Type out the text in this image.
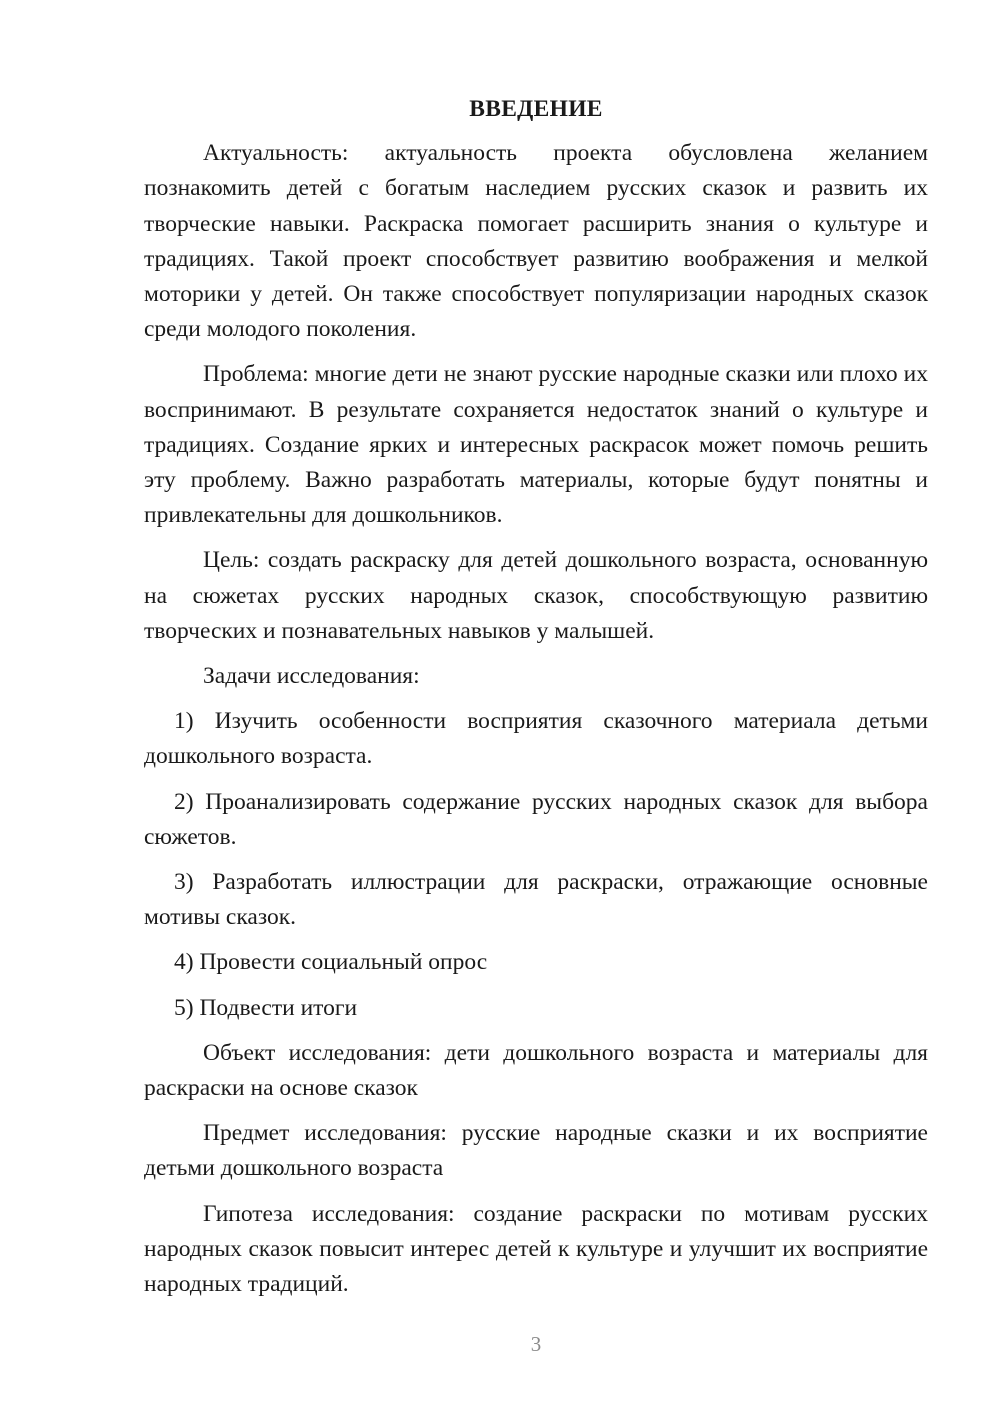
ВВЕДЕНИЕ

Актуальность: актуальность проекта обусловлена желанием познакомить детей с богатым наследием русских сказок и развить их творческие навыки. Раскраска помогает расширить знания о культуре и традициях. Такой проект способствует развитию воображения и мелкой моторики у детей. Он также способствует популяризации народных сказок среди молодого поколения.

Проблема: многие дети не знают русские народные сказки или плохо их воспринимают. В результате сохраняется недостаток знаний о культуре и традициях. Создание ярких и интересных раскрасок может помочь решить эту проблему. Важно разработать материалы, которые будут понятны и привлекательны для дошкольников.

Цель: создать раскраску для детей дошкольного возраста, основанную на сюжетах русских народных сказок, способствующую развитию творческих и познавательных навыков у малышей.

Задачи исследования:

1) Изучить особенности восприятия сказочного материала детьми дошкольного возраста.

2) Проанализировать содержание русских народных сказок для выбора сюжетов.

3) Разработать иллюстрации для раскраски, отражающие основные мотивы сказок.

4) Провести социальный опрос

5) Подвести итоги

Объект исследования: дети дошкольного возраста и материалы для раскраски на основе сказок

Предмет исследования: русские народные сказки и их восприятие детьми дошкольного возраста

Гипотеза исследования: создание раскраски по мотивам русских народных сказок повысит интерес детей к культуре и улучшит их восприятие народных традиций.

3
